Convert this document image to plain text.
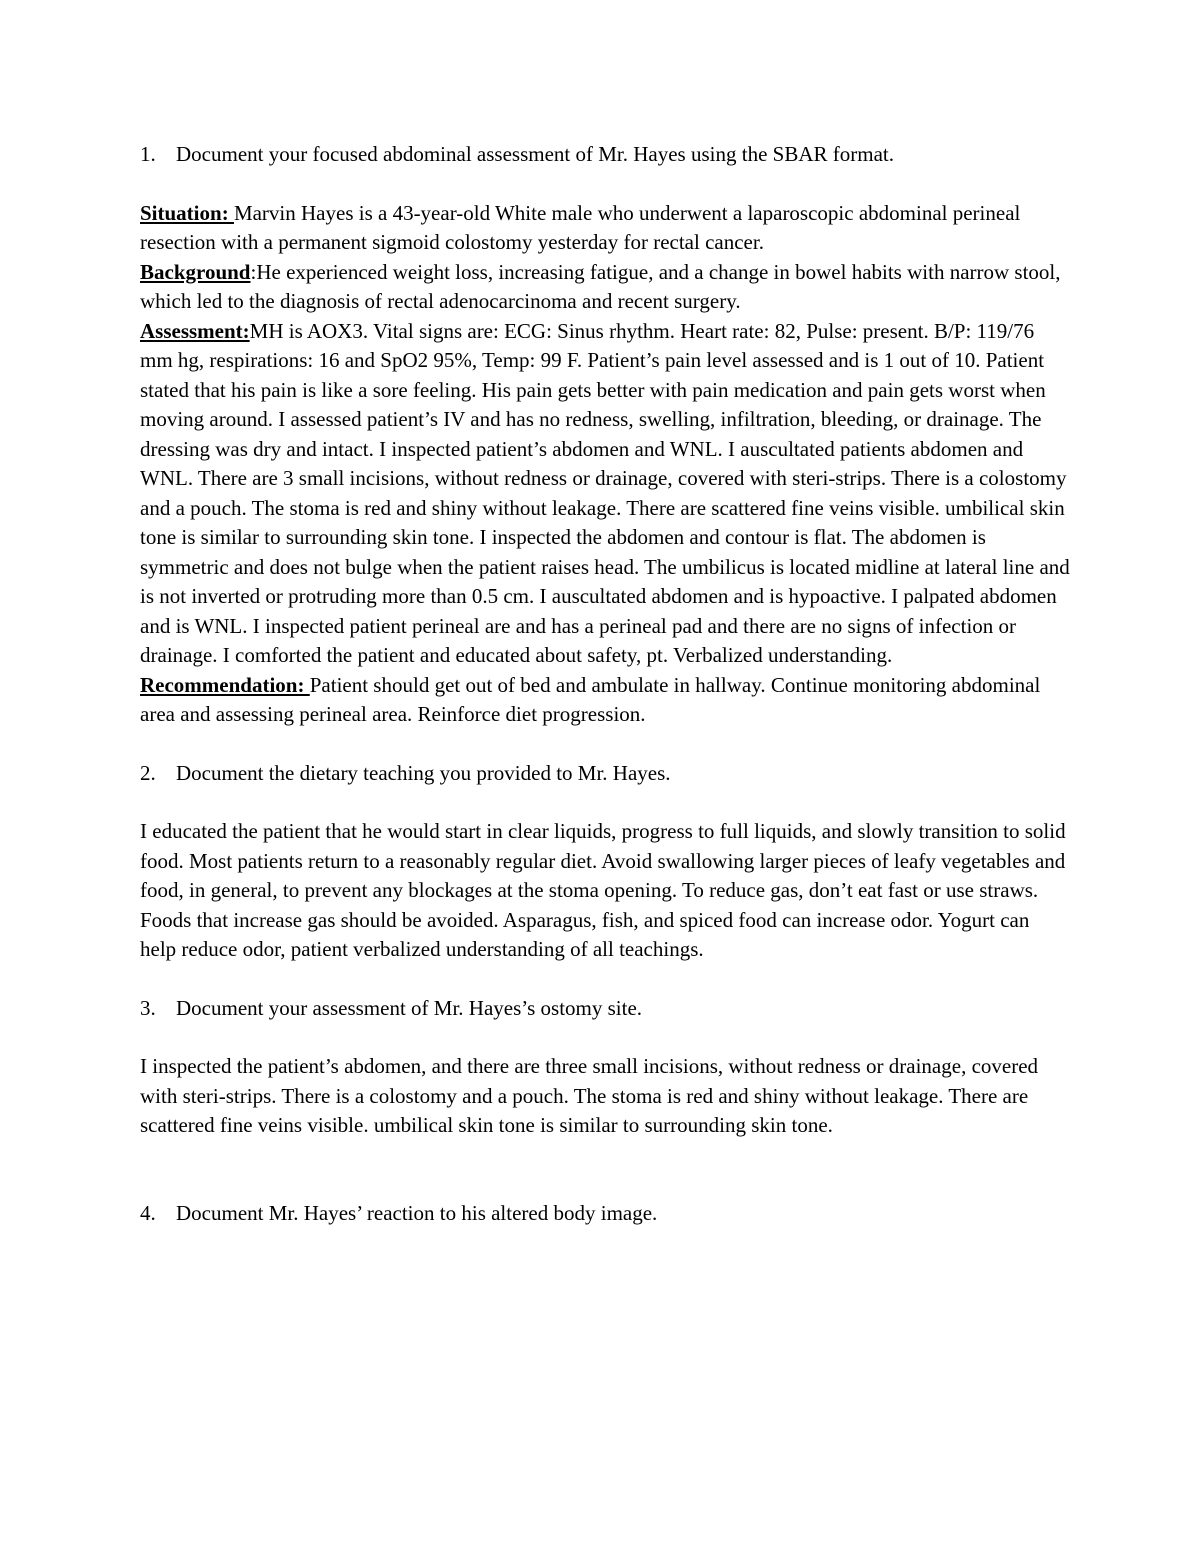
1. Document your focused abdominal assessment of Mr. Hayes using the SBAR format.

Situation: Marvin Hayes is a 43-year-old White male who underwent a laparoscopic abdominal perineal resection with a permanent sigmoid colostomy yesterday for rectal cancer.

Background:He experienced weight loss, increasing fatigue, and a change in bowel habits with narrow stool, which led to the diagnosis of rectal adenocarcinoma and recent surgery.

Assessment:MH is AOX3. Vital signs are: ECG: Sinus rhythm. Heart rate: 82, Pulse: present. B/P: 119/76 mm hg, respirations: 16 and SpO2 95%, Temp: 99 F. Patient’s pain level assessed and is 1 out of 10. Patient stated that his pain is like a sore feeling. His pain gets better with pain medication and pain gets worst when moving around. I assessed patient’s IV and has no redness, swelling, infiltration, bleeding, or drainage. The dressing was dry and intact. I inspected patient’s abdomen and WNL. I auscultated patients abdomen and WNL. There are 3 small incisions, without redness or drainage, covered with steri-strips. There is a colostomy and a pouch. The stoma is red and shiny without leakage. There are scattered fine veins visible. umbilical skin tone is similar to surrounding skin tone. I inspected the abdomen and contour is flat. The abdomen is symmetric and does not bulge when the patient raises head. The umbilicus is located midline at lateral line and is not inverted or protruding more than 0.5 cm. I auscultated abdomen and is hypoactive. I palpated abdomen and is WNL. I inspected patient perineal are and has a perineal pad and there are no signs of infection or drainage. I comforted the patient and educated about safety, pt. Verbalized understanding.

Recommendation: Patient should get out of bed and ambulate in hallway. Continue monitoring abdominal area and assessing perineal area. Reinforce diet progression.

2. Document the dietary teaching you provided to Mr. Hayes.

I educated the patient that he would start in clear liquids, progress to full liquids, and slowly transition to solid food. Most patients return to a reasonably regular diet. Avoid swallowing larger pieces of leafy vegetables and food, in general, to prevent any blockages at the stoma opening. To reduce gas, don’t eat fast or use straws. Foods that increase gas should be avoided. Asparagus, fish, and spiced food can increase odor. Yogurt can help reduce odor, patient verbalized understanding of all teachings.

3. Document your assessment of Mr. Hayes’s ostomy site.

I inspected the patient’s abdomen, and there are three small incisions, without redness or drainage, covered with steri-strips. There is a colostomy and a pouch. The stoma is red and shiny without leakage. There are scattered fine veins visible. umbilical skin tone is similar to surrounding skin tone.

4. Document Mr. Hayes’ reaction to his altered body image.
